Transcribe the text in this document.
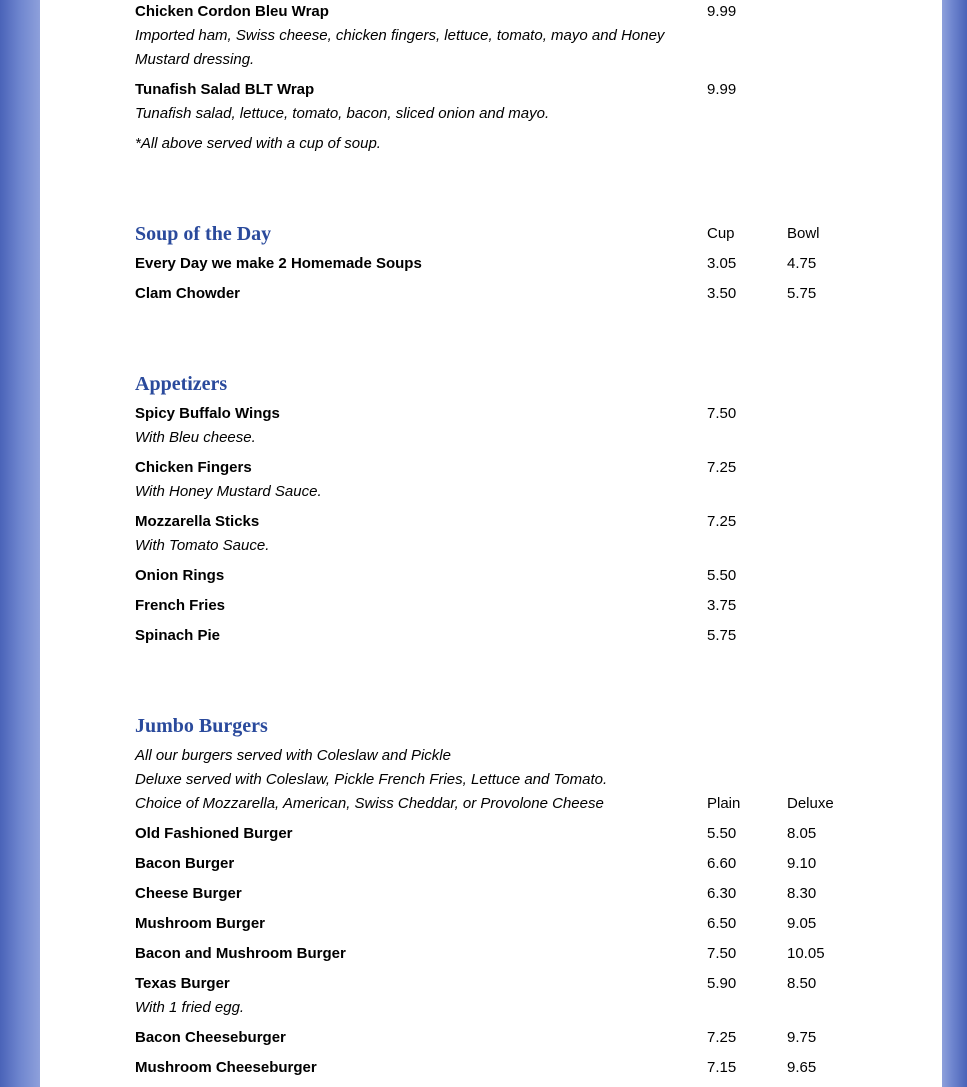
Chicken Cordon Bleu Wrap	9.99
Imported ham, Swiss cheese, chicken fingers, lettuce, tomato, mayo and Honey
Mustard dressing.
Tunafish Salad BLT Wrap	9.99
Tunafish salad, lettuce, tomato, bacon, sliced onion and mayo.
*All above served with a cup of soup.
Soup of the Day	Cup	Bowl
Every Day we make 2 Homemade Soups	3.05	4.75
Clam Chowder	3.50	5.75
Appetizers
Spicy Buffalo Wings	7.50
With Bleu cheese.
Chicken Fingers	7.25
With Honey Mustard Sauce.
Mozzarella Sticks	7.25
With Tomato Sauce.
Onion Rings	5.50
French Fries	3.75
Spinach Pie	5.75
Jumbo Burgers
All our burgers served with Coleslaw and Pickle
Deluxe served with Coleslaw, Pickle French Fries, Lettuce and Tomato.
Choice of Mozzarella, American, Swiss Cheddar, or Provolone Cheese	Plain	Deluxe
Old Fashioned Burger	5.50	8.05
Bacon Burger	6.60	9.10
Cheese Burger	6.30	8.30
Mushroom Burger	6.50	9.05
Bacon and Mushroom Burger	7.50	10.05
Texas Burger	5.90	8.50
With 1 fried egg.
Bacon Cheeseburger	7.25	9.75
Mushroom Cheeseburger	7.15	9.65
